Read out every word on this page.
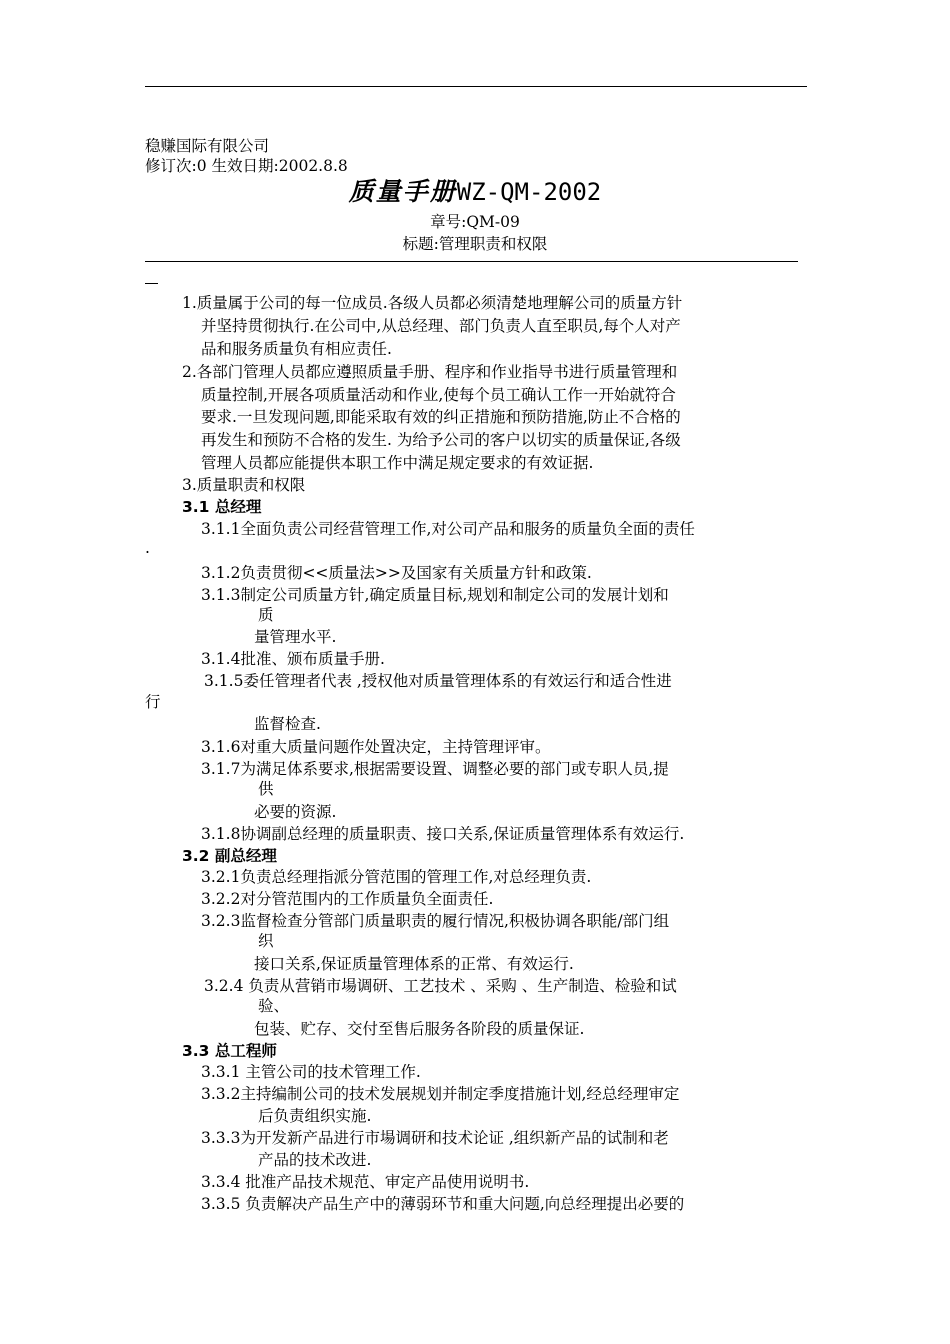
稳赚国际有限公司
修订次:0 生效日期:2002.8.8
质量手册WZ-QM-2002
章号:QM-09
标题:管理职责和权限
1.质量属于公司的每一位成员.各级人员都必须清楚地理解公司的质量方针
并坚持贯彻执行.在公司中,从总经理、部门负责人直至职员,每个人对产
品和服务质量负有相应责任.
2.各部门管理人员都应遵照质量手册、程序和作业指导书进行质量管理和
质量控制,开展各项质量活动和作业,使每个员工确认工作一开始就符合
要求.一旦发现问题,即能采取有效的纠正措施和预防措施,防止不合格的
再发生和预防不合格的发生. 为给予公司的客户以切实的质量保证,各级
管理人员都应能提供本职工作中满足规定要求的有效证据.
3.质量职责和权限
3.1 总经理
3.1.1全面负责公司经营管理工作,对公司产品和服务的质量负全面的责任
.
3.1.2负责贯彻<<质量法>>及国家有关质量方针和政策.
3.1.3制定公司质量方针,确定质量目标,规划和制定公司的发展计划和
质
量管理水平.
3.1.4批准、颁布质量手册.
3.1.5委任管理者代表 ,授权他对质量管理体系的有效运行和适合性进
行
监督检查.
3.1.6对重大质量问题作处置决定，主持管理评审。
3.1.7为满足体系要求,根据需要设置、调整必要的部门或专职人员,提
供
必要的资源.
3.1.8协调副总经理的质量职责、接口关系,保证质量管理体系有效运行.
3.2 副总经理
3.2.1负责总经理指派分管范围的管理工作,对总经理负责.
3.2.2对分管范围内的工作质量负全面责任.
3.2.3监督检查分管部门质量职责的履行情况,积极协调各职能/部门组
织
接口关系,保证质量管理体系的正常、有效运行.
3.2.4 负责从营销市場调研、工艺技术 、采购 、生产制造、检验和试
验、
包装、贮存、交付至售后服务各阶段的质量保证.
3.3 总工程师
3.3.1 主管公司的技术管理工作.
3.3.2主持编制公司的技术发展规划并制定季度措施计划,经总经理审定
后负责组织实施.
3.3.3为开发新产品进行市場调研和技术论证 ,组织新产品的试制和老
产品的技术改进.
3.3.4 批准产品技术规范、审定产品使用说明书.
3.3.5 负责解决产品生产中的薄弱环节和重大问题,向总经理提出必要的
